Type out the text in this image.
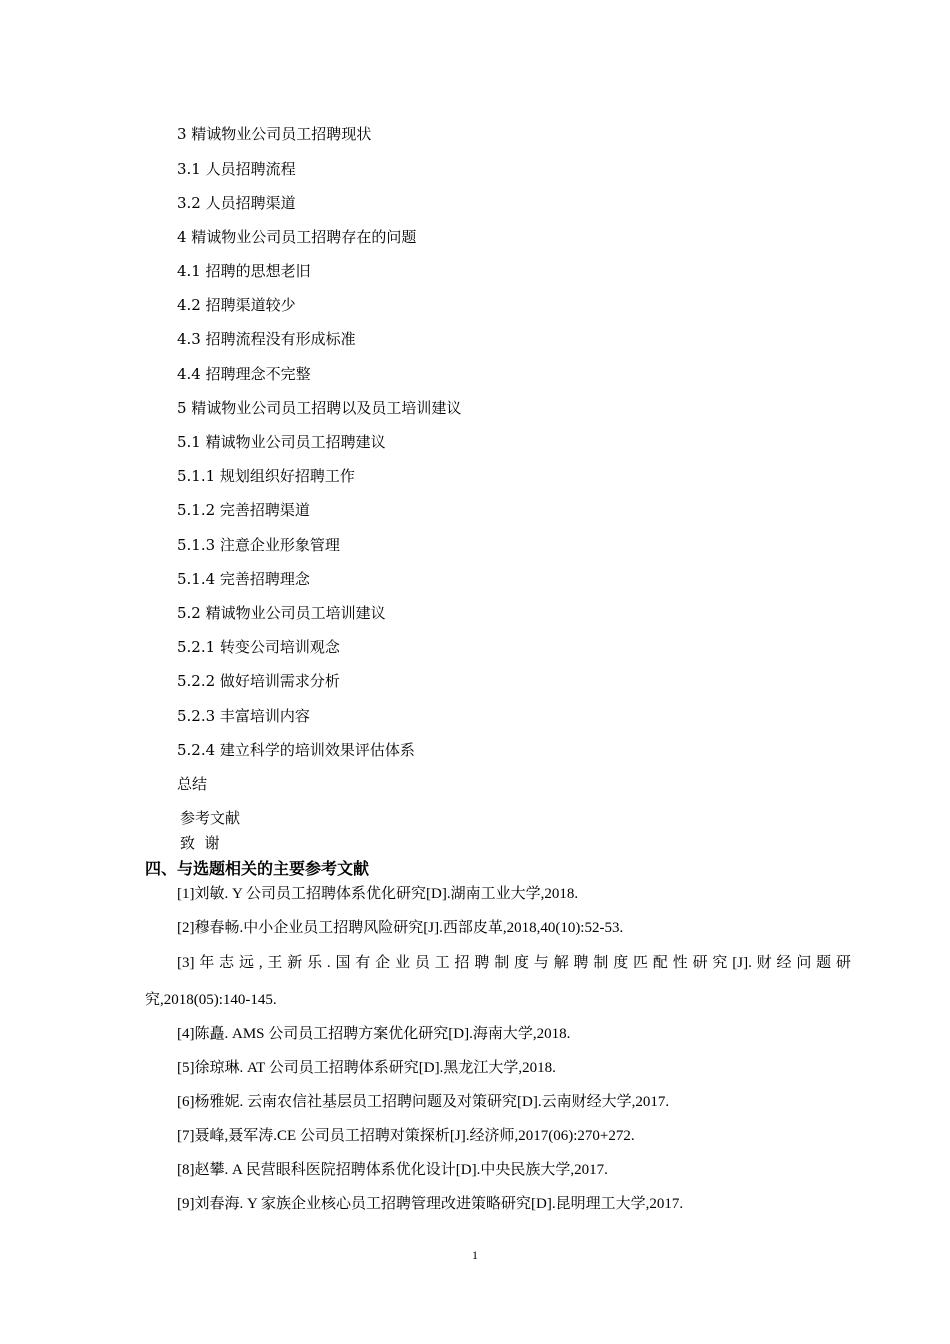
3 精诚物业公司员工招聘现状
3.1 人员招聘流程
3.2 人员招聘渠道
4 精诚物业公司员工招聘存在的问题
4.1 招聘的思想老旧
4.2 招聘渠道较少
4.3 招聘流程没有形成标准
4.4 招聘理念不完整
5 精诚物业公司员工招聘以及员工培训建议
5.1 精诚物业公司员工招聘建议
5.1.1 规划组织好招聘工作
5.1.2 完善招聘渠道
5.1.3 注意企业形象管理
5.1.4 完善招聘理念
5.2 精诚物业公司员工培训建议
5.2.1 转变公司培训观念
5.2.2 做好培训需求分析
5.2.3 丰富培训内容
5.2.4 建立科学的培训效果评估体系
总结
参考文献
致  谢
四、与选题相关的主要参考文献
[1]刘敏. Y 公司员工招聘体系优化研究[D].湖南工业大学,2018.
[2]穆春畅.中小企业员工招聘风险研究[J].西部皮革,2018,40(10):52-53.
[3]年志远,王新乐.国有企业员工招聘制度与解聘制度匹配性研究[J].财经问题研
究,2018(05):140-145.
[4]陈矗. AMS 公司员工招聘方案优化研究[D].海南大学,2018.
[5]徐琼琳. AT 公司员工招聘体系研究[D].黑龙江大学,2018.
[6]杨雅妮. 云南农信社基层员工招聘问题及对策研究[D].云南财经大学,2017.
[7]聂峰,聂军涛.CE 公司员工招聘对策探析[J].经济师,2017(06):270+272.
[8]赵攀. A 民营眼科医院招聘体系优化设计[D].中央民族大学,2017.
[9]刘春海. Y 家族企业核心员工招聘管理改进策略研究[D].昆明理工大学,2017.
1
